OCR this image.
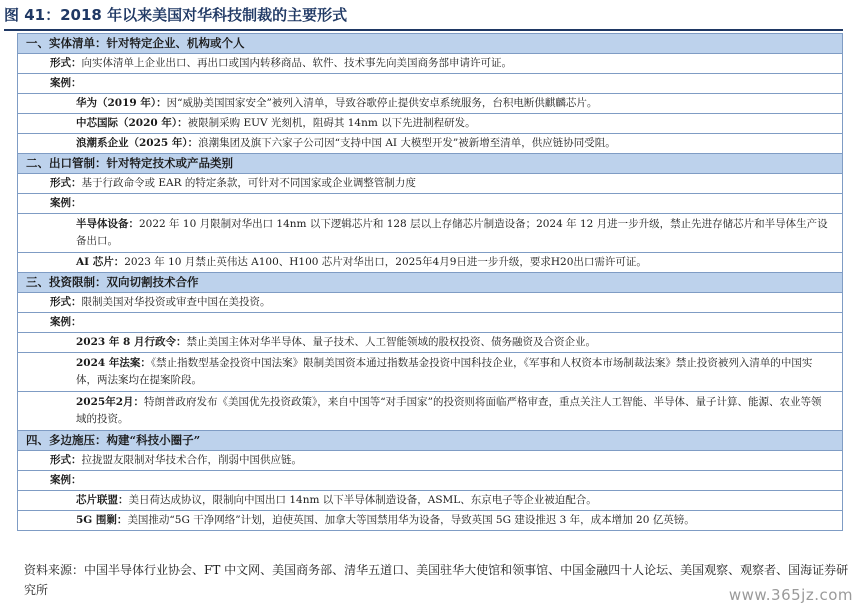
图 41：2018 年以来美国对华科技制裁的主要形式
一、实体清单：针对特定企业、机构或个人
形式：向实体清单上企业出口、再出口或国内转移商品、软件、技术事先向美国商务部申请许可证。
案例：
华为（2019 年）：因“威胁美国国家安全”被列入清单，导致谷歌停止提供安卓系统服务，台积电断供麒麟芯片。
中芯国际（2020 年）：被限制采购 EUV 光刻机，阻碍其 14nm 以下先进制程研发。
浪潮系企业（2025 年）：浪潮集团及旗下六家子公司因“支持中国 AI 大模型开发”被新增至清单，供应链协同受阻。
二、出口管制：针对特定技术或产品类别
形式：基于行政命令或 EAR 的特定条款，可针对不同国家或企业调整管制力度
案例：
半导体设备：2022 年 10 月限制对华出口 14nm 以下逻辑芯片和 128 层以上存储芯片制造设备；2024 年 12 月进一步升级，禁止先进存储芯片和半导体生产设备出口。
AI 芯片：2023 年 10 月禁止英伟达 A100、H100 芯片对华出口，2025年4月9日进一步升级，要求H20出口需许可证。
三、投资限制：双向切割技术合作
形式：限制美国对华投资或审查中国在美投资。
案例：
2023 年 8 月行政令：禁止美国主体对华半导体、量子技术、人工智能领域的股权投资、债务融资及合资企业。
2024 年法案：《禁止指数型基金投资中国法案》限制美国资本通过指数基金投资中国科技企业，《军事和人权资本市场制裁法案》禁止投资被列入清单的中国实体，两法案均在提案阶段。
2025年2月：特朗普政府发布《美国优先投资政策》，来自中国等“对手国家”的投资则将面临严格审查，重点关注人工智能、半导体、量子计算、能源、农业等领域的投资。
四、多边施压：构建“科技小圈子”
形式：拉拢盟友限制对华技术合作，削弱中国供应链。
案例：
芯片联盟：美日荷达成协议，限制向中国出口 14nm 以下半导体制造设备，ASML、东京电子等企业被迫配合。
5G 围剿：美国推动“5G 干净网络”计划，迫使英国、加拿大等国禁用华为设备，导致英国 5G 建设推迟 3 年，成本增加 20 亿英镑。
资料来源：中国半导体行业协会、FT 中文网、美国商务部、清华五道口、美国驻华大使馆和领事馆、中国金融四十人论坛、美国观察、观察者、国海证券研究所	www.365jz.com
